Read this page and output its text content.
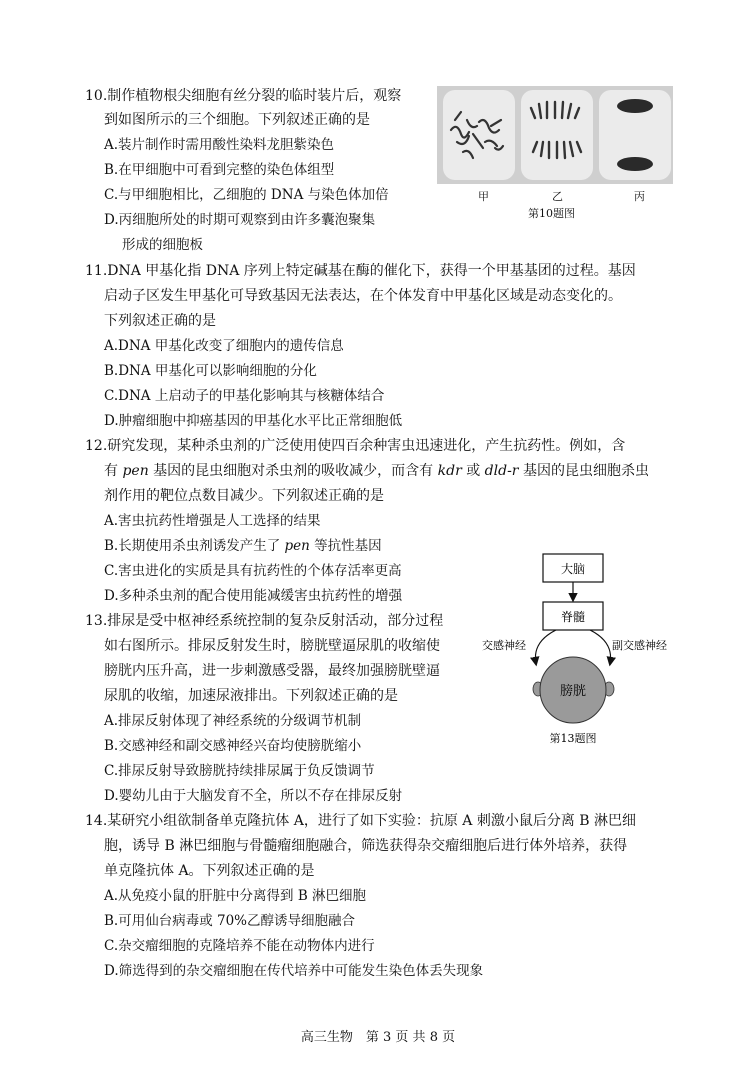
10.制作植物根尖细胞有丝分裂的临时装片后，观察
到如图所示的三个细胞。下列叙述正确的是
A.装片制作时需用酸性染料龙胆紫染色
B.在甲细胞中可看到完整的染色体组型
C.与甲细胞相比，乙细胞的 DNA 与染色体加倍
D.丙细胞所处的时期可观察到由许多囊泡聚集
形成的细胞板
甲	乙	丙
第10题图
11.DNA 甲基化指 DNA 序列上特定碱基在酶的催化下，获得一个甲基基团的过程。基因
启动子区发生甲基化可导致基因无法表达，在个体发育中甲基化区域是动态变化的。
下列叙述正确的是
A.DNA 甲基化改变了细胞内的遗传信息
B.DNA 甲基化可以影响细胞的分化
C.DNA 上启动子的甲基化影响其与核糖体结合
D.肿瘤细胞中抑癌基因的甲基化水平比正常细胞低
12.研究发现，某种杀虫剂的广泛使用使四百余种害虫迅速进化，产生抗药性。例如，含
有 pen 基因的昆虫细胞对杀虫剂的吸收减少，而含有 kdr 或 dld-r 基因的昆虫细胞杀虫
剂作用的靶位点数目减少。下列叙述正确的是
A.害虫抗药性增强是人工选择的结果
B.长期使用杀虫剂诱发产生了 pen 等抗性基因
C.害虫进化的实质是具有抗药性的个体存活率更高
D.多种杀虫剂的配合使用能减缓害虫抗药性的增强
大脑
脊髓
交感神经	副交感神经
膀胱
第13题图
13.排尿是受中枢神经系统控制的复杂反射活动，部分过程
如右图所示。排尿反射发生时，膀胱壁逼尿肌的收缩使
膀胱内压升高，进一步刺激感受器，最终加强膀胱壁逼
尿肌的收缩，加速尿液排出。下列叙述正确的是
A.排尿反射体现了神经系统的分级调节机制
B.交感神经和副交感神经兴奋均使膀胱缩小
C.排尿反射导致膀胱持续排尿属于负反馈调节
D.婴幼儿由于大脑发育不全，所以不存在排尿反射
14.某研究小组欲制备单克隆抗体 A，进行了如下实验：抗原 A 刺激小鼠后分离 B 淋巴细
胞，诱导 B 淋巴细胞与骨髓瘤细胞融合，筛选获得杂交瘤细胞后进行体外培养，获得
单克隆抗体 A。下列叙述正确的是
A.从免疫小鼠的肝脏中分离得到 B 淋巴细胞
B.可用仙台病毒或 70%乙醇诱导细胞融合
C.杂交瘤细胞的克隆培养不能在动物体内进行
D.筛选得到的杂交瘤细胞在传代培养中可能发生染色体丢失现象
高三生物　第 3 页 共 8 页
